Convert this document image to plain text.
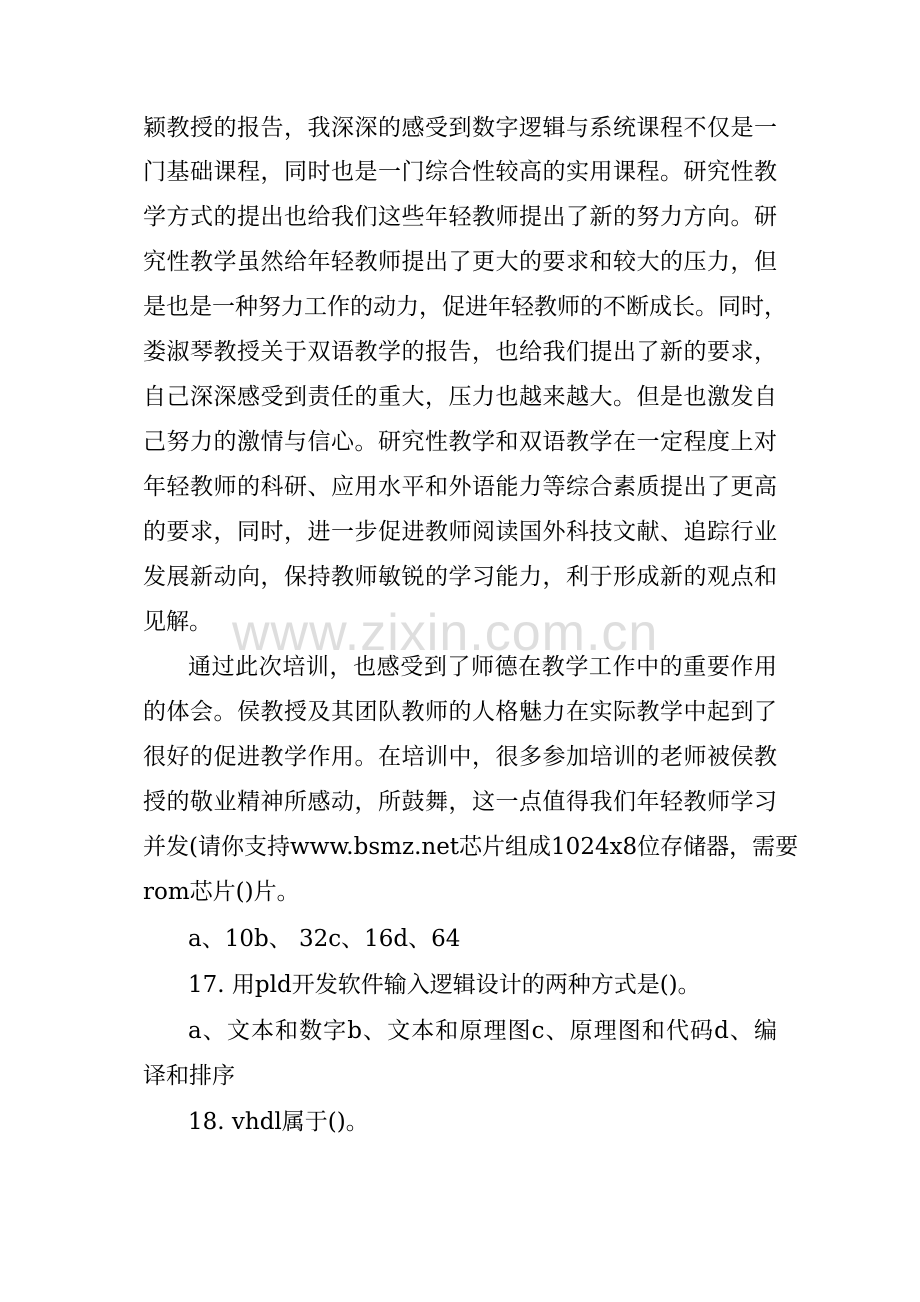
www.zixin.com.cn
颖教授的报告，我深深的感受到数字逻辑与系统课程不仅是一
门基础课程，同时也是一门综合性较高的实用课程。研究性教
学方式的提出也给我们这些年轻教师提出了新的努力方向。研
究性教学虽然给年轻教师提出了更大的要求和较大的压力，但
是也是一种努力工作的动力，促进年轻教师的不断成长。同时，
娄淑琴教授关于双语教学的报告，也给我们提出了新的要求，
自己深深感受到责任的重大，压力也越来越大。但是也激发自
己努力的激情与信心。研究性教学和双语教学在一定程度上对
年轻教师的科研、应用水平和外语能力等综合素质提出了更高
的要求，同时，进一步促进教师阅读国外科技文献、追踪行业
发展新动向，保持教师敏锐的学习能力，利于形成新的观点和
见解。
通过此次培训，也感受到了师德在教学工作中的重要作用
的体会。侯教授及其团队教师的人格魅力在实际教学中起到了
很好的促进教学作用。在培训中，很多参加培训的老师被侯教
授的敬业精神所感动，所鼓舞，这一点值得我们年轻教师学习
并发(请你支持www.bsmz.net芯片组成1024x8位存储器，需要
rom芯片()片。
a、10b、 32c、16d、64
17. 用pld开发软件输入逻辑设计的两种方式是()。
a、文本和数字b、文本和原理图c、原理图和代码d、编
译和排序
18. vhdl属于()。
